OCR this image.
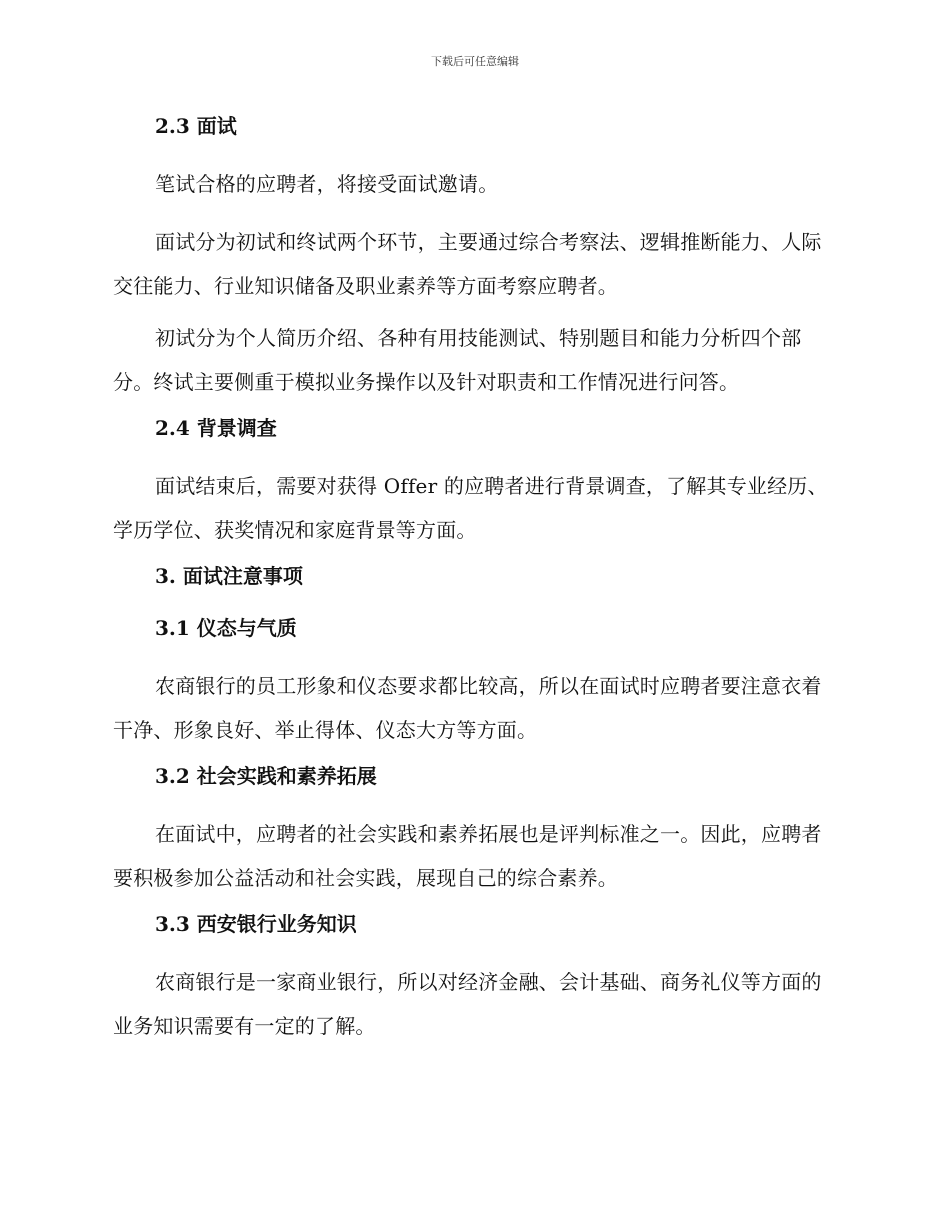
下载后可任意编辑
2.3 面试

笔试合格的应聘者，将接受面试邀请。

面试分为初试和终试两个环节，主要通过综合考察法、逻辑推断能力、人际交往能力、行业知识储备及职业素养等方面考察应聘者。

初试分为个人简历介绍、各种有用技能测试、特别题目和能力分析四个部分。终试主要侧重于模拟业务操作以及针对职责和工作情况进行问答。

2.4 背景调查

面试结束后，需要对获得 Offer 的应聘者进行背景调查，了解其专业经历、学历学位、获奖情况和家庭背景等方面。

3. 面试注意事项
3.1 仪态与气质

农商银行的员工形象和仪态要求都比较高，所以在面试时应聘者要注意衣着干净、形象良好、举止得体、仪态大方等方面。

3.2 社会实践和素养拓展

在面试中，应聘者的社会实践和素养拓展也是评判标准之一。因此，应聘者要积极参加公益活动和社会实践，展现自己的综合素养。

3.3 西安银行业务知识

农商银行是一家商业银行，所以对经济金融、会计基础、商务礼仪等方面的业务知识需要有一定的了解。
